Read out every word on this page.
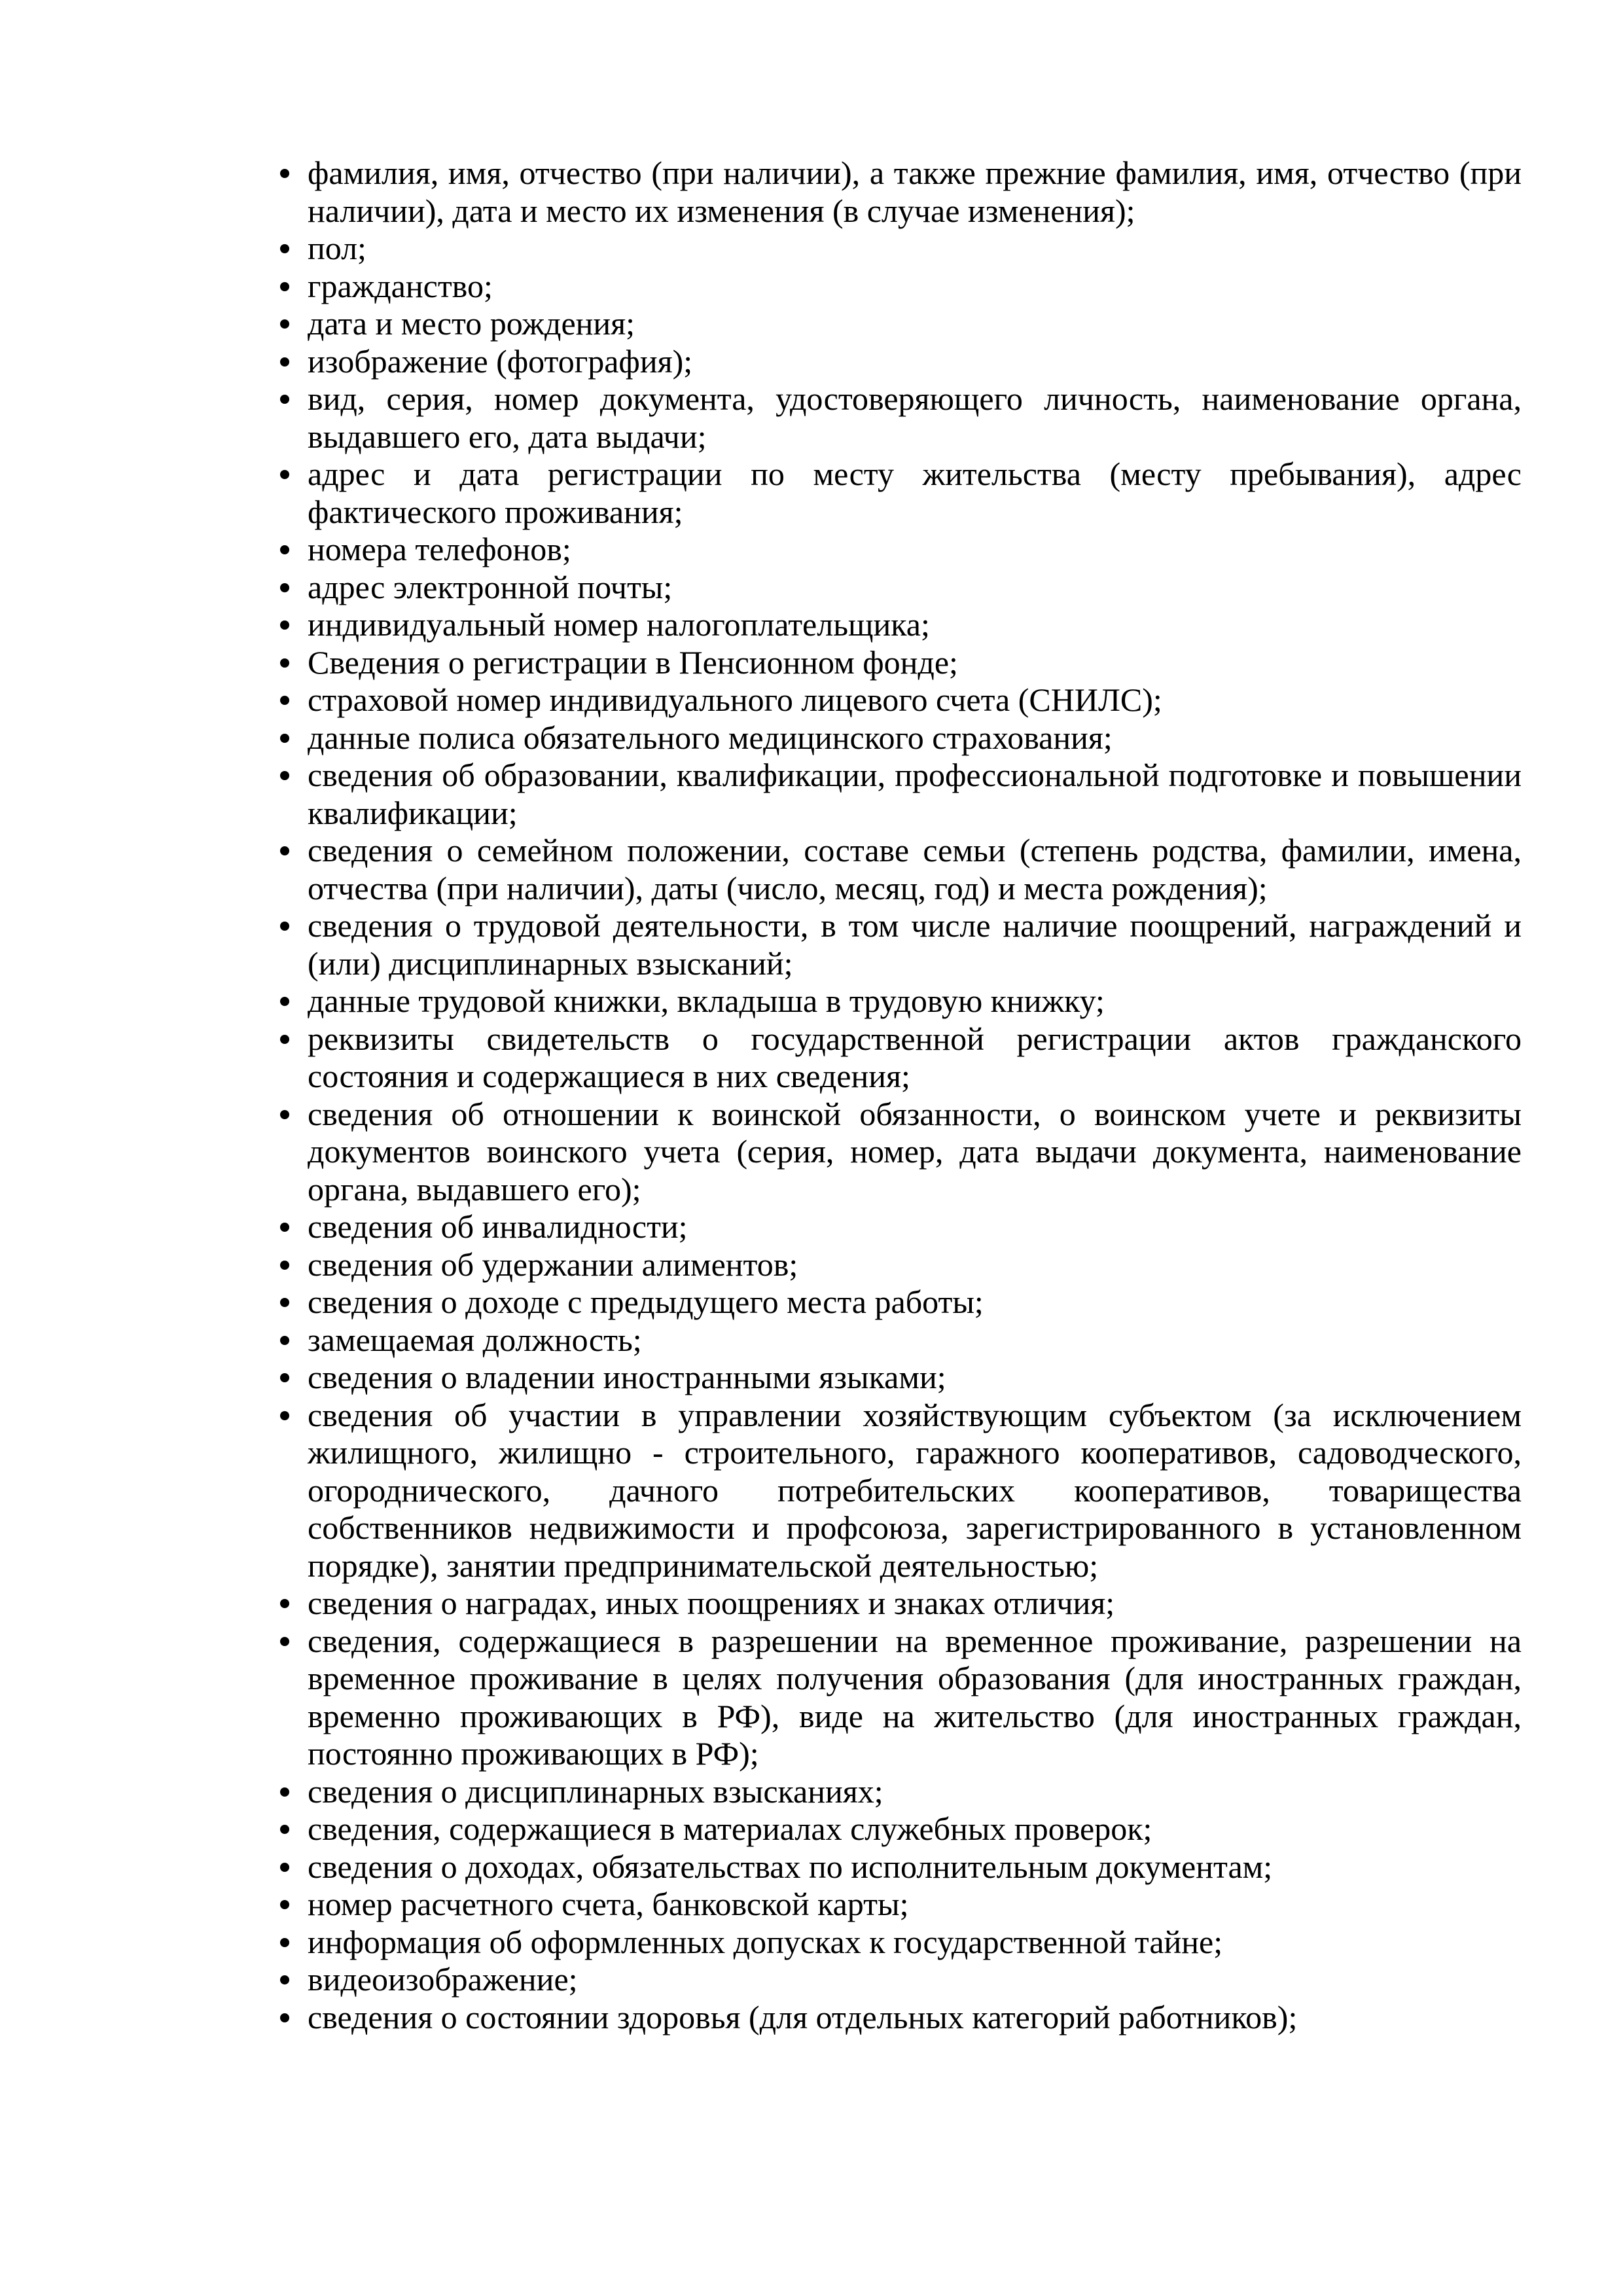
фамилия, имя, отчество (при наличии), а также прежние фамилия, имя, отчество (при наличии), дата и место их изменения (в случае изменения);
пол;
гражданство;
дата и место рождения;
изображение (фотография);
вид, серия, номер документа, удостоверяющего личность, наименование органа, выдавшего его, дата выдачи;
адрес и дата регистрации по месту жительства (месту пребывания), адрес фактического проживания;
номера телефонов;
адрес электронной почты;
индивидуальный номер налогоплательщика;
Сведения о регистрации в Пенсионном фонде;
страховой номер индивидуального лицевого счета (СНИЛС);
данные полиса обязательного медицинского страхования;
сведения об образовании, квалификации, профессиональной подготовке и повышении квалификации;
сведения о семейном положении, составе семьи (степень родства, фамилии, имена, отчества (при наличии), даты (число, месяц, год) и места рождения);
сведения о трудовой деятельности, в том числе наличие поощрений, награждений и (или) дисциплинарных взысканий;
данные трудовой книжки, вкладыша в трудовую книжку;
реквизиты свидетельств о государственной регистрации актов гражданского состояния и содержащиеся в них сведения;
сведения об отношении к воинской обязанности, о воинском учете и реквизиты документов воинского учета (серия, номер, дата выдачи документа, наименование органа, выдавшего его);
сведения об инвалидности;
сведения об удержании алиментов;
сведения о доходе с предыдущего места работы;
замещаемая должность;
сведения о владении иностранными языками;
сведения об участии в управлении хозяйствующим субъектом (за исключением жилищного, жилищно - строительного, гаражного кооперативов, садоводческого, огороднического, дачного потребительских кооперативов, товарищества собственников недвижимости и профсоюза, зарегистрированного в установленном порядке), занятии предпринимательской деятельностью;
сведения о наградах, иных поощрениях и знаках отличия;
сведения, содержащиеся в разрешении на временное проживание, разрешении на временное проживание в целях получения образования (для иностранных граждан, временно проживающих в РФ), виде на жительство (для иностранных граждан, постоянно проживающих в РФ);
сведения о дисциплинарных взысканиях;
сведения, содержащиеся в материалах служебных проверок;
сведения о доходах, обязательствах по исполнительным документам;
номер расчетного счета, банковской карты;
информация об оформленных допусках к государственной тайне;
видеоизображение;
сведения о состоянии здоровья (для отдельных категорий работников);
